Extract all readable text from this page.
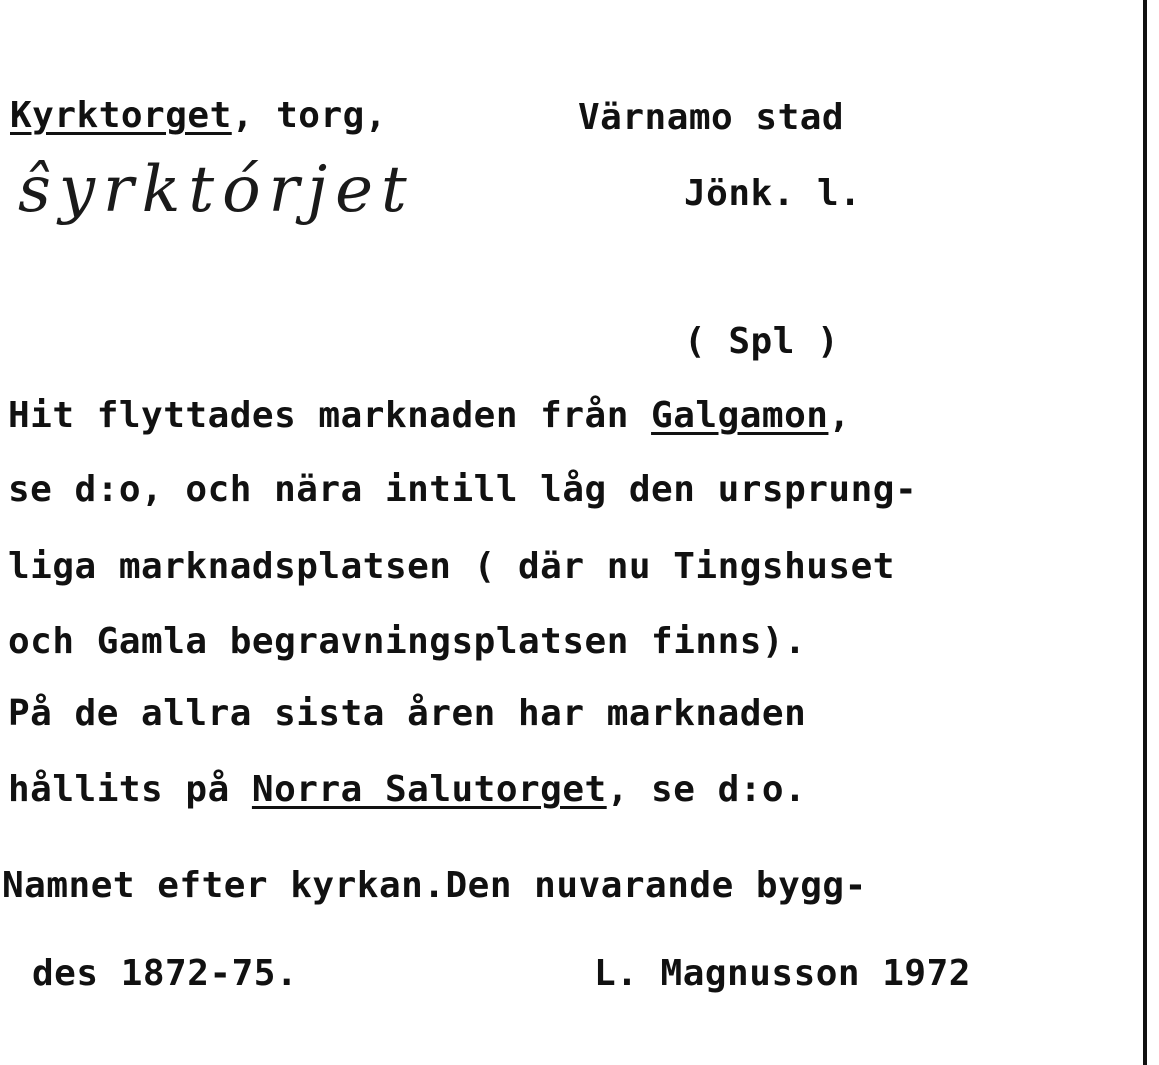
Kyrktorget, torg,	Värnamo stad
ŝyrktórjet	Jönk. l.
( Spl )
Hit flyttades marknaden från Galgamon,
se d:o, och nära intill låg den ursprung-
liga marknadsplatsen ( där nu Tingshuset
och Gamla begravningsplatsen finns).
På de allra sista åren har marknaden
hållits på Norra Salutorget, se d:o.
Namnet efter kyrkan.Den nuvarande bygg-
des 1872-75.	L. Magnusson 1972
